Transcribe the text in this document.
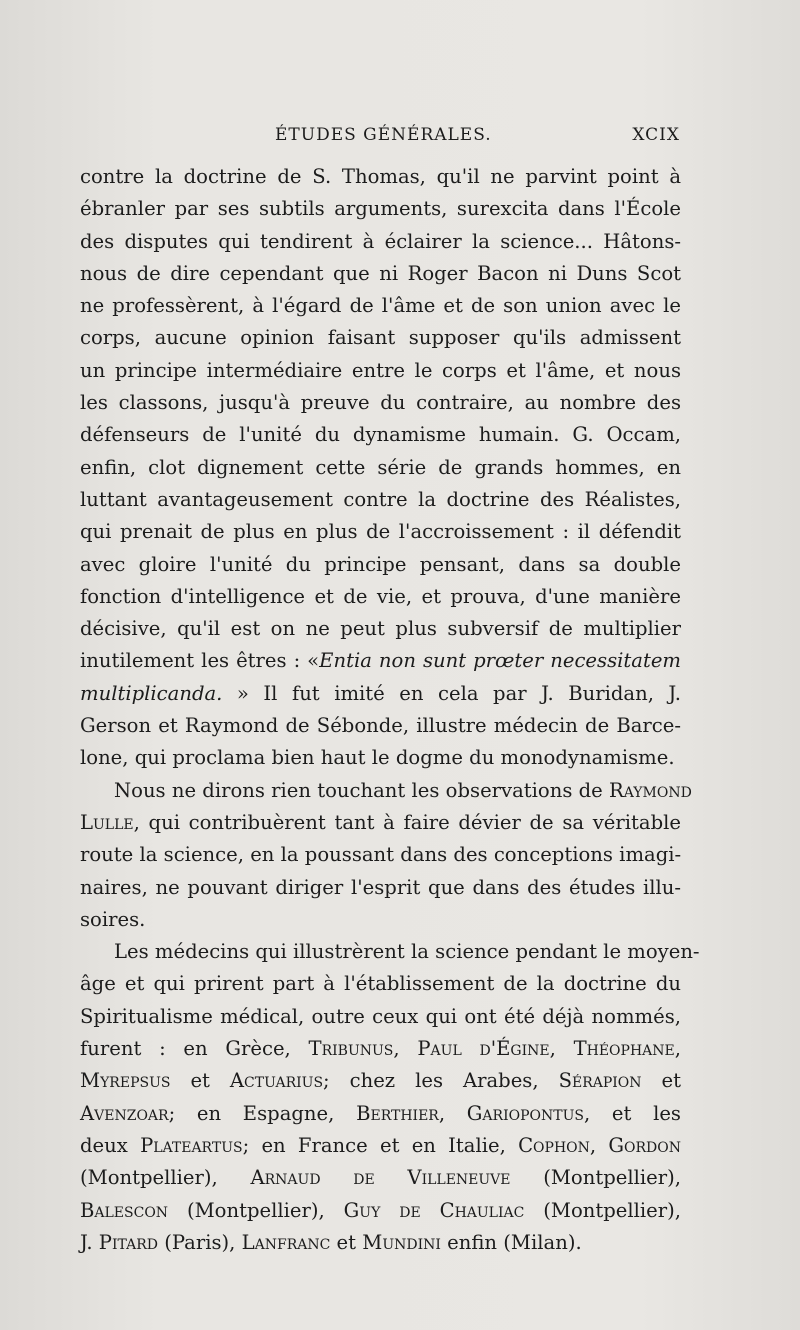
ÉTUDES GÉNÉRALES.	XCIX
contre la doctrine de S. Thomas, qu'il ne parvint point à
ébranler par ses subtils arguments, surexcita dans l'École
des disputes qui tendirent à éclairer la science... Hâtons-
nous de dire cependant que ni Roger Bacon ni Duns Scot
ne professèrent, à l'égard de l'âme et de son union avec le
corps, aucune opinion faisant supposer qu'ils admissent
un principe intermédiaire entre le corps et l'âme, et nous
les classons, jusqu'à preuve du contraire, au nombre des
défenseurs de l'unité du dynamisme humain. G. Occam,
enfin, clot dignement cette série de grands hommes, en
luttant avantageusement contre la doctrine des Réalistes,
qui prenait de plus en plus de l'accroissement : il défendit
avec gloire l'unité du principe pensant, dans sa double
fonction d'intelligence et de vie, et prouva, d'une manière
décisive, qu'il est on ne peut plus subversif de multiplier
inutilement les êtres : «Entia non sunt prœter necessitatem
multiplicanda. » Il fut imité en cela par J. Buridan, J.
Gerson et Raymond de Sébonde, illustre médecin de Barce-
lone, qui proclama bien haut le dogme du monodynamisme.
Nous ne dirons rien touchant les observations de Raymond
Lulle, qui contribuèrent tant à faire dévier de sa véritable
route la science, en la poussant dans des conceptions imagi-
naires, ne pouvant diriger l'esprit que dans des études illu-
soires.
Les médecins qui illustrèrent la science pendant le moyen-
âge et qui prirent part à l'établissement de la doctrine du
Spiritualisme médical, outre ceux qui ont été déjà nommés,
furent : en Grèce, Tribunus, Paul d'Égine, Théophane,
Myrepsus et Actuarius; chez les Arabes, Sérapion et
Avenzoar; en Espagne, Berthier, Gariopontus, et les
deux Plateartus; en France et en Italie, Cophon, Gordon
(Montpellier), Arnaud de Villeneuve (Montpellier),
Balescon (Montpellier), Guy de Chauliac (Montpellier),
J. Pitard (Paris), Lanfranc et Mundini enfin (Milan).
